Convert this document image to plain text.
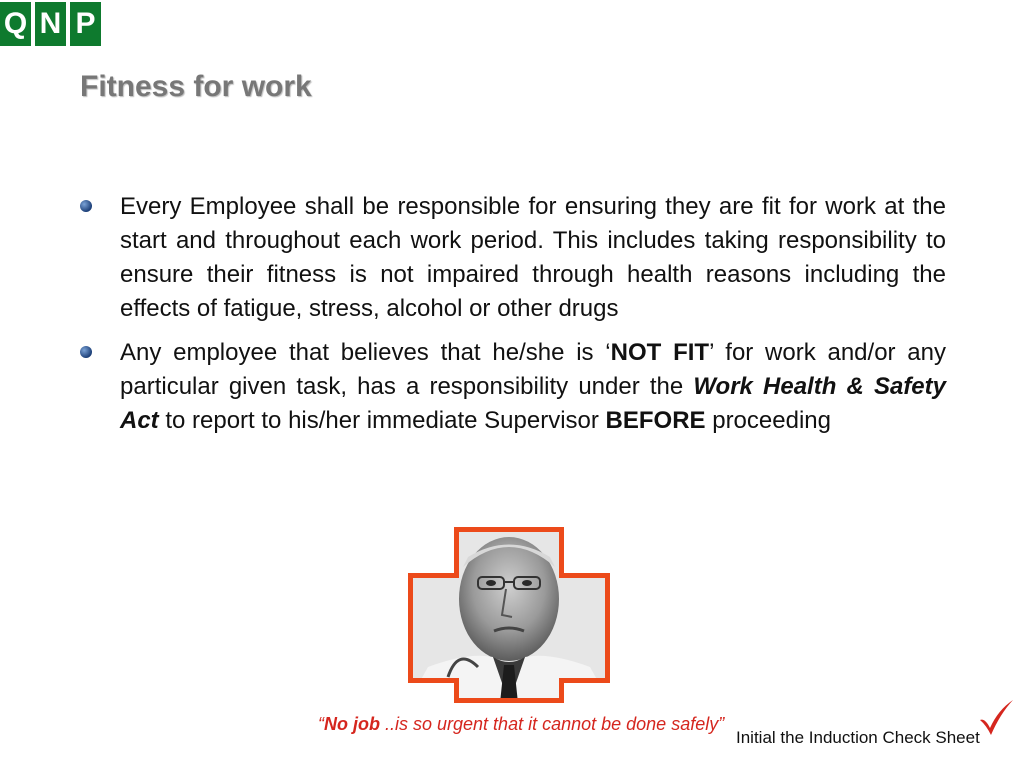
Q N P
Fitness for work
Every Employee shall be responsible for ensuring they are fit for work at the start and throughout each work period. This includes taking responsibility to ensure their fitness is not impaired through health reasons including the effects of fatigue, stress, alcohol or other drugs
Any employee that believes that he/she is ‘NOT FIT’ for work and/or any particular given task, has a responsibility under the Work Health & Safety Act to report to his/her immediate Supervisor BEFORE proceeding
“No job ..is so urgent that it cannot be done safely”
Initial the Induction Check Sheet
